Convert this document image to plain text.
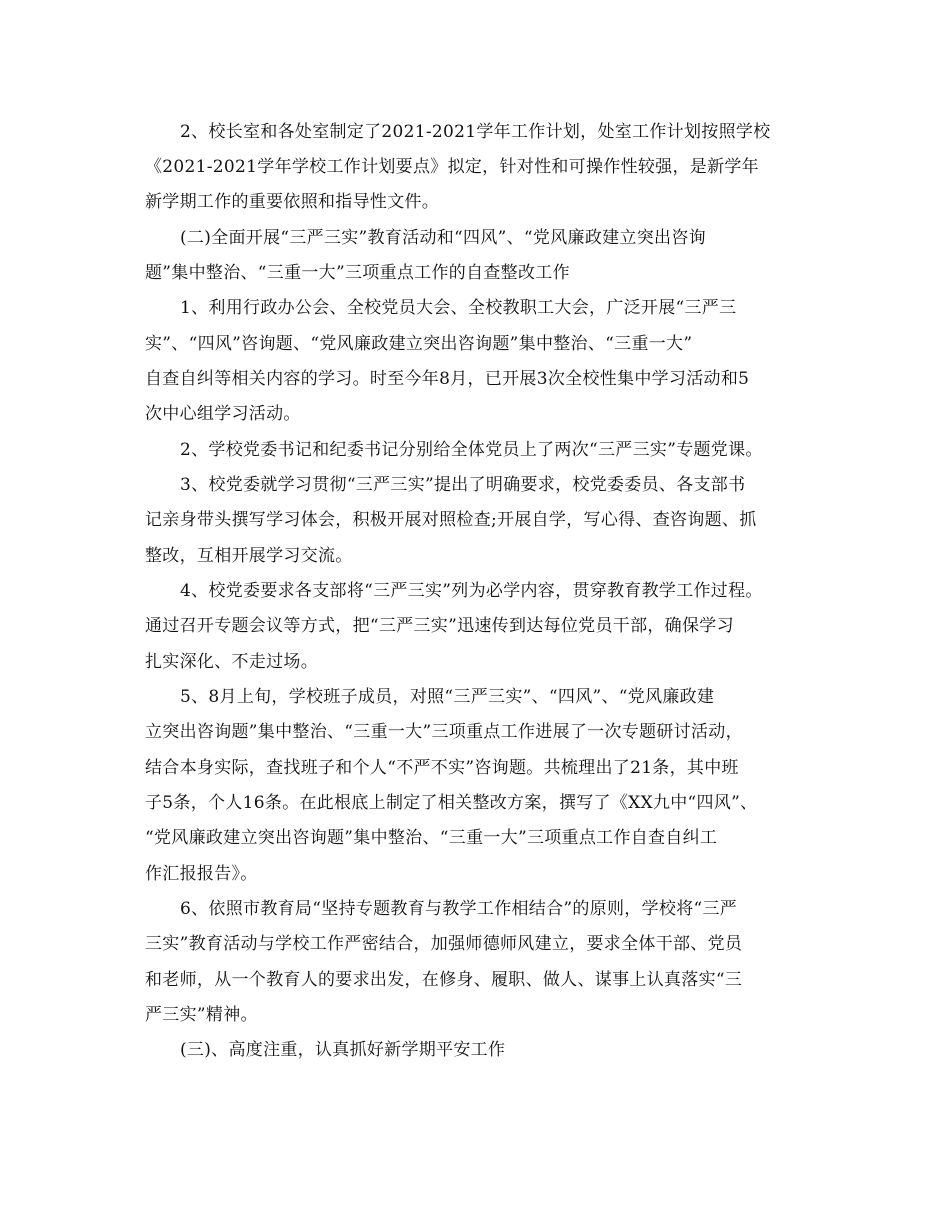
2、校长室和各处室制定了2021-2021学年工作计划，处室工作计划按照学校
《2021-2021学年学校工作计划要点》拟定，针对性和可操作性较强，是新学年
新学期工作的重要依照和指导性文件。
(二)全面开展“三严三实”教育活动和“四风”、“党风廉政建立突出咨询
题”集中整治、“三重一大”三项重点工作的自查整改工作
1、利用行政办公会、全校党员大会、全校教职工大会，广泛开展“三严三
实”、“四风”咨询题、“党风廉政建立突出咨询题”集中整治、“三重一大”
自查自纠等相关内容的学习。时至今年8月，已开展3次全校性集中学习活动和5
次中心组学习活动。
2、学校党委书记和纪委书记分别给全体党员上了两次“三严三实”专题党课。
3、校党委就学习贯彻“三严三实”提出了明确要求，校党委委员、各支部书
记亲身带头撰写学习体会，积极开展对照检查;开展自学，写心得、查咨询题、抓
整改，互相开展学习交流。
4、校党委要求各支部将“三严三实”列为必学内容，贯穿教育教学工作过程。
通过召开专题会议等方式，把“三严三实”迅速传到达每位党员干部，确保学习
扎实深化、不走过场。
5、8月上旬，学校班子成员，对照“三严三实”、“四风”、“党风廉政建
立突出咨询题”集中整治、“三重一大”三项重点工作进展了一次专题研讨活动，
结合本身实际，查找班子和个人“不严不实”咨询题。共梳理出了21条，其中班
子5条，个人16条。在此根底上制定了相关整改方案，撰写了《XX九中“四风”、
“党风廉政建立突出咨询题”集中整治、“三重一大”三项重点工作自查自纠工
作汇报报告》。
6、依照市教育局“坚持专题教育与教学工作相结合”的原则，学校将“三严
三实”教育活动与学校工作严密结合，加强师德师风建立，要求全体干部、党员
和老师，从一个教育人的要求出发，在修身、履职、做人、谋事上认真落实“三
严三实”精神。
(三)、高度注重，认真抓好新学期平安工作
